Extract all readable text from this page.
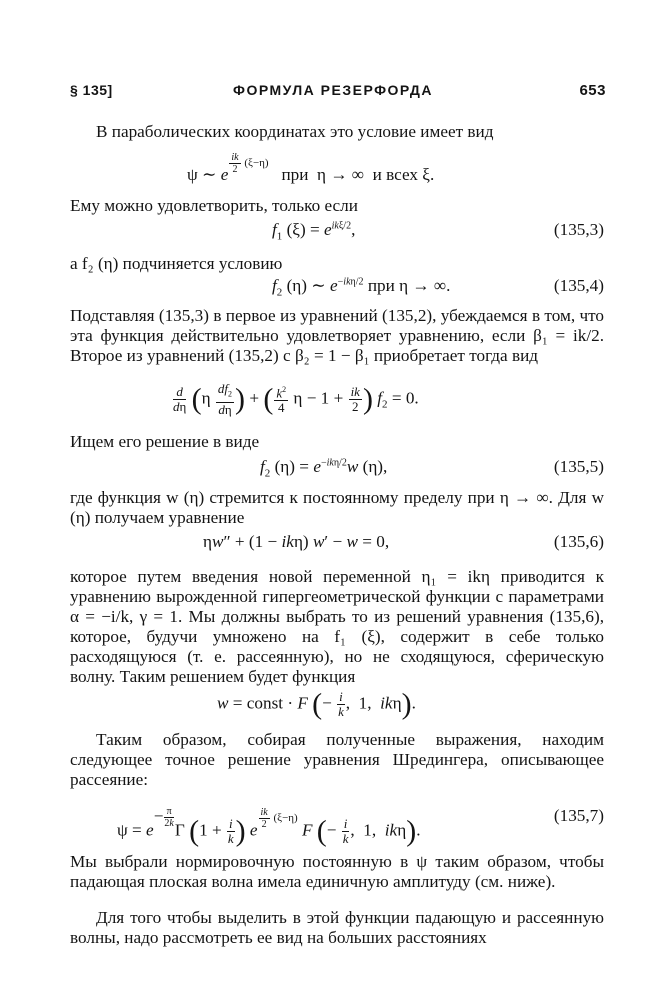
§ 135]	ФОРМУЛА РЕЗЕРФОРДА	653
В параболических координатах это условие имеет вид
ψ ∼ e $\frac{ik}{2} (\xi-\eta)$   при  η → ∞  и всех ξ.
Ему можно удовлетворить, только если
$f_1$ $(\xi) = e^{ik\xi/2}$,	(135,3)
а f₂ (η) подчиняется условию
$f_2$ (η) ∼ $e^{-ik\eta/2}$ при η → ∞.	(135,4)
Подставляя (135,3) в первое из уравнений (135,2), убеждаемся в том, что эта функция действительно удовлетворяет уравнению, если β₁ = ik/2. Второе из уравнений (135,2) с β₂ = 1 − β₁ приобретает тогда вид
$\frac{d}{d\eta} (\eta \frac{df_2}{d\eta}$ ) + ( $\frac{k^2}{4}$ $\eta - 1 + \frac{ik}{2}$ ) $f_2 = 0$.
Ищем его решение в виде
$f_2$ $(\eta) = e^{-ik\eta/2}w$ (η),	(135,5)
где функция w (η) стремится к постоянному пределу при η → ∞. Для w (η) получаем уравнение
ηw″ + (1 − ikη) w′ − w = 0,	(135,6)
которое путем введения новой переменной η₁ = ikη приводится к уравнению вырожденной гипергеометрической функции с параметрами α = −i/k, γ = 1. Мы должны выбрать то из решений уравнения (135,6), которое, будучи умножено на f₁ (ξ), содержит в себе только расходящуюся (т. е. рассеянную), но не сходящуюся, сферическую волну. Таким решением будет функция
w = const · F (− $\frac{i}{k}$ ,  1,  ikη).
Таким образом, собирая полученные выражения, находим следующее точное решение уравнения Шредингера, описывающее рассеяние:
$\psi = e- \frac{\pi}{2k}$
Γ ($1 + \frac{i}{k}$ ) e $\frac{ik}{2} (\xi-\eta)$ F (− $\frac{i}{k}$ ,  1,  ikη).
(135,7)
Мы выбрали нормировочную постоянную в ψ таким образом, чтобы падающая плоская волна имела единичную амплитуду (см. ниже).
Для того чтобы выделить в этой функции падающую и рассеянную волны, надо рассмотреть ее вид на больших расстояниях
